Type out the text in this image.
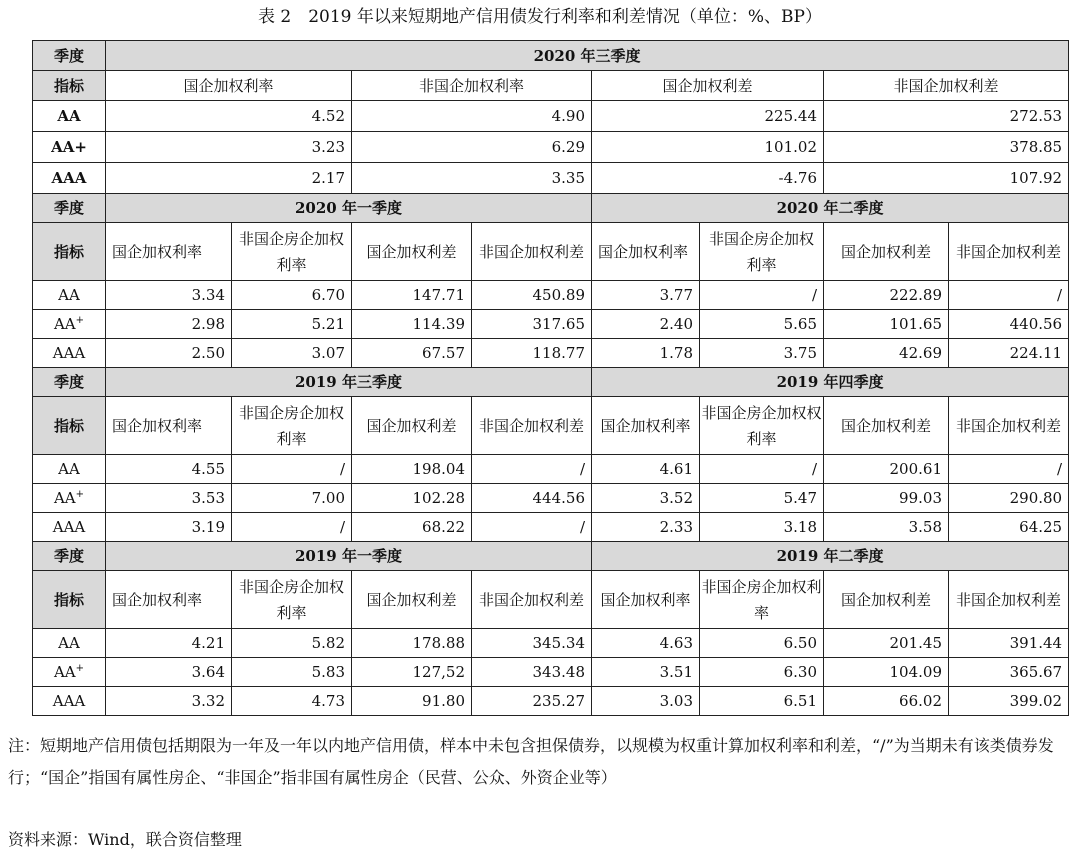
表 2　2019 年以来短期地产信用债发行利率和利差情况（单位：%、BP）
季度	2020 年三季度							
指标	国企加权利率		非国企加权利率		国企加权利差		非国企加权利差	
AA	4.52		4.90		225.44		272.53	
AA+	3.23		6.29		101.02		378.85	
AAA	2.17		3.35		-4.76		107.92	
季度	2020 年一季度				2020 年二季度			
指标	国企加权利率	非国企房企加权利率	国企加权利差	非国企加权利差	国企加权利率	非国企房企加权利率	国企加权利差	非国企加权利差
AA	3.34	6.70	147.71	450.89	3.77	/	222.89	/
AA+	2.98	5.21	114.39	317.65	2.40	5.65	101.65	440.56
AAA	2.50	3.07	67.57	118.77	1.78	3.75	42.69	224.11
季度	2019 年三季度				2019 年四季度			
指标	国企加权利率	非国企房企加权利率	国企加权利差	非国企加权利差	国企加权利率	非国企房企加权权利率	国企加权利差	非国企加权利差
AA	4.55	/	198.04	/	4.61	/	200.61	/
AA+	3.53	7.00	102.28	444.56	3.52	5.47	99.03	290.80
AAA	3.19	/	68.22	/	2.33	3.18	3.58	64.25
季度	2019 年一季度				2019 年二季度			
指标	国企加权利率	非国企房企加权利率	国企加权利差	非国企加权利差	国企加权利率	非国企房企加权利率	国企加权利差	非国企加权利差
AA	4.21	5.82	178.88	345.34	4.63	6.50	201.45	391.44
AA+	3.64	5.83	127,52	343.48	3.51	6.30	104.09	365.67
AAA	3.32	4.73	91.80	235.27	3.03	6.51	66.02	399.02
注：短期地产信用债包括期限为一年及一年以内地产信用债，样本中未包含担保债券，以规模为权重计算加权利率和利差，“/”为当期未有该类债券发行；“国企”指国有属性房企、“非国企”指非国有属性房企（民营、公众、外资企业等）
资料来源：Wind，联合资信整理
